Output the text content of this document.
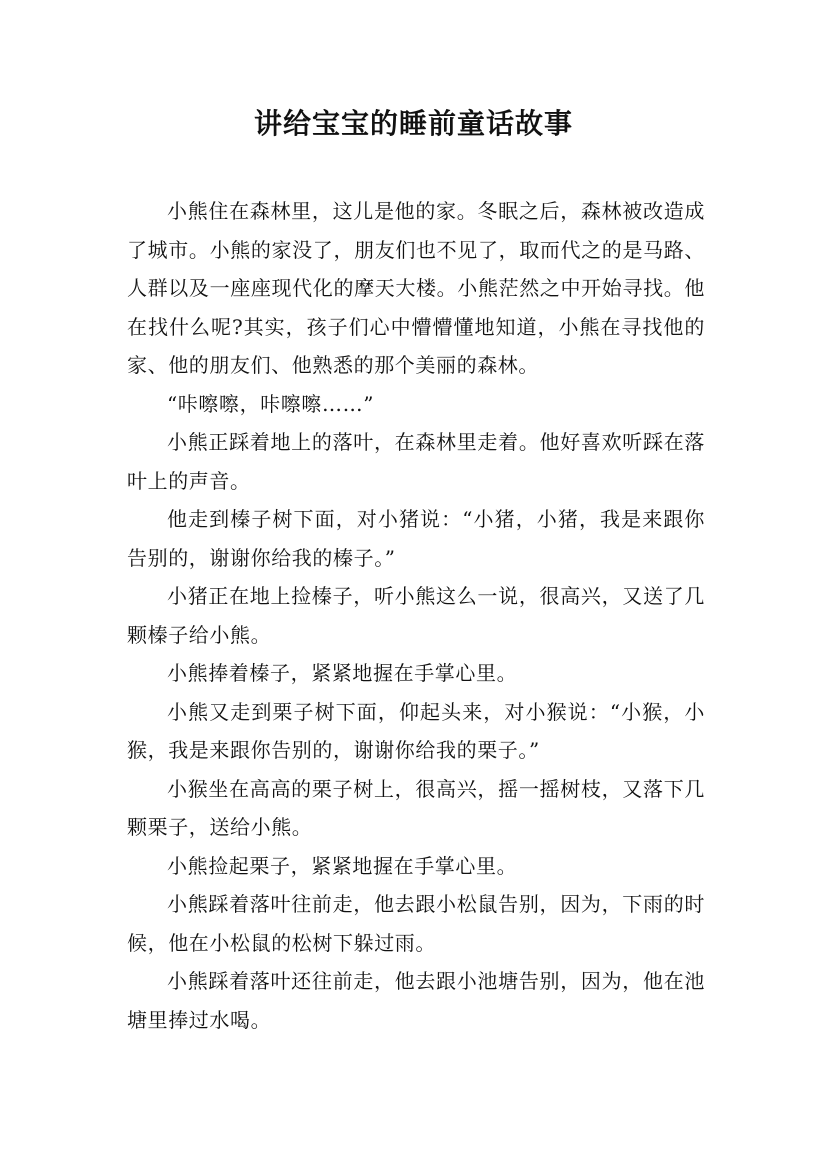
讲给宝宝的睡前童话故事

小熊住在森林里，这儿是他的家。冬眠之后，森林被改造成了城市。小熊的家没了，朋友们也不见了，取而代之的是马路、人群以及一座座现代化的摩天大楼。小熊茫然之中开始寻找。他在找什么呢?其实，孩子们心中懵懵懂地知道，小熊在寻找他的家、他的朋友们、他熟悉的那个美丽的森林。

“咔嚓嚓，咔嚓嚓……”

小熊正踩着地上的落叶，在森林里走着。他好喜欢听踩在落叶上的声音。

他走到榛子树下面，对小猪说：“小猪，小猪，我是来跟你告别的，谢谢你给我的榛子。”

小猪正在地上捡榛子，听小熊这么一说，很高兴，又送了几颗榛子给小熊。

小熊捧着榛子，紧紧地握在手掌心里。

小熊又走到栗子树下面，仰起头来，对小猴说：“小猴，小猴，我是来跟你告别的，谢谢你给我的栗子。”

小猴坐在高高的栗子树上，很高兴，摇一摇树枝，又落下几颗栗子，送给小熊。

小熊捡起栗子，紧紧地握在手掌心里。

小熊踩着落叶往前走，他去跟小松鼠告别，因为，下雨的时候，他在小松鼠的松树下躲过雨。

小熊踩着落叶还往前走，他去跟小池塘告别，因为，他在池塘里捧过水喝。
